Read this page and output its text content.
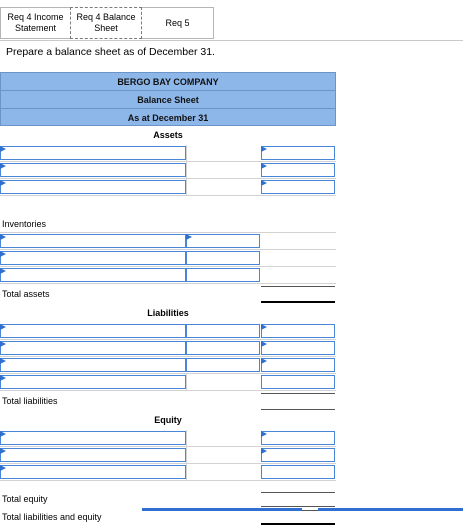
Req 4 Income Statement
Req 4 Balance Sheet
Req 5
Prepare a balance sheet as of December 31.
BERGO BAY COMPANY
Balance Sheet
As at December 31
Assets
Inventories
Total assets
Liabilities
Total liabilities
Equity
Total equity
Total liabilities and equity
